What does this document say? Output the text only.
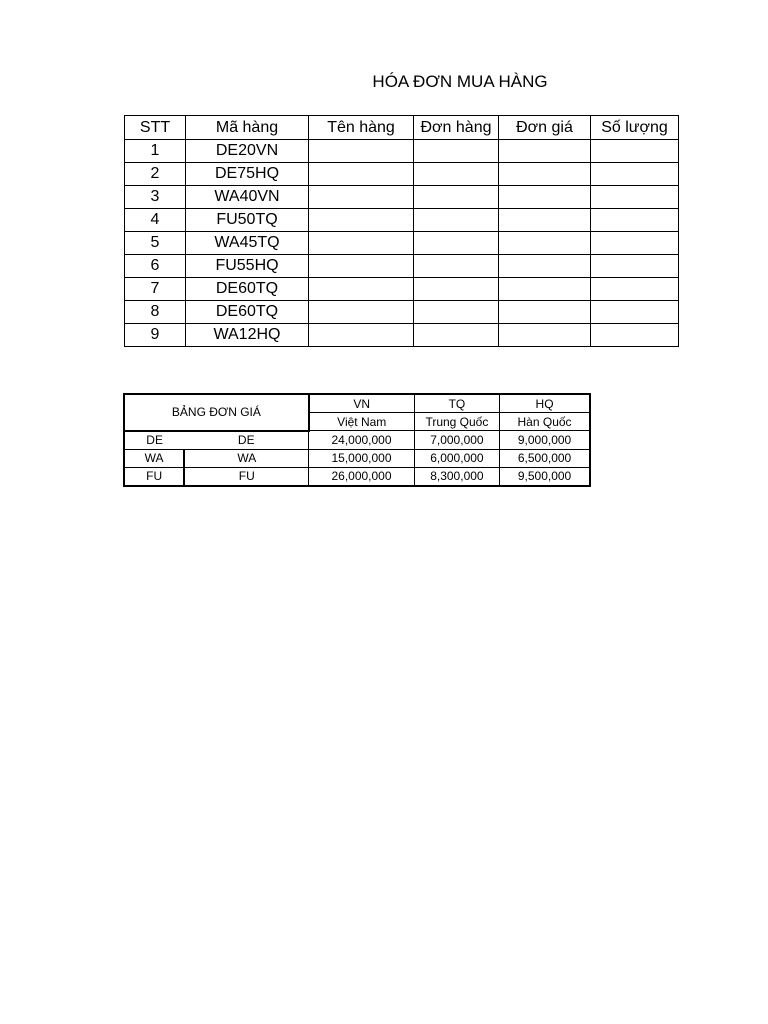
HÓA ĐƠN MUA HÀNG
STT	Mã hàng	Tên hàng	Đơn hàng	Đơn giá	Số lượng
1	DE20VN				
2	DE75HQ				
3	WA40VN				
4	FU50TQ				
5	WA45TQ				
6	FU55HQ				
7	DE60TQ				
8	DE60TQ				
9	WA12HQ				
BẢNG ĐƠN GIÁ		VN	TQ	HQ
		Việt Nam	Trung Quốc	Hàn Quốc
DE	DE	24,000,000	7,000,000	9,000,000
WA	WA	15,000,000	6,000,000	6,500,000
FU	FU	26,000,000	8,300,000	9,500,000
